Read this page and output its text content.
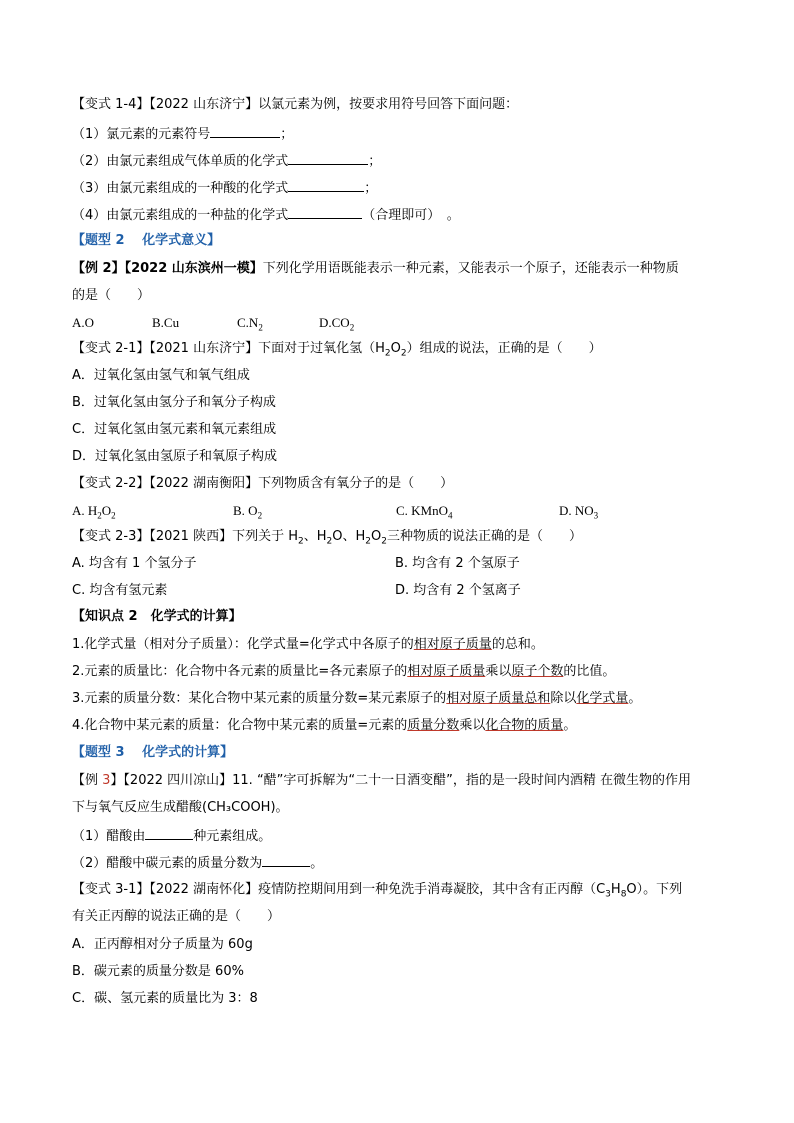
【变式 1-4】【2022 山东济宁】以氯元素为例，按要求用符号回答下面问题：
（1）氯元素的元素符号	；
（2）由氯元素组成气体单质的化学式	；
（3）由氯元素组成的一种酸的化学式	；
（4）由氯元素组成的一种盐的化学式	（合理即可）　。
【题型 2　 化学式意义】
【例 2】【2022 山东滨州一模】下列化学用语既能表示一种元素，又能表示一个原子，还能表示一种物质
的是（　　）
A.O	B.Cu	$C.N_2$	$D.CO_2$
【变式 2-1】【2021 山东济宁】下面对于过氧化氢$(H_2O_2)$组成的说法，正确的是（　　）
A．过氧化氢由氢气和氧气组成
B．过氧化氢由氢分子和氧分子构成
C．过氧化氢由氢元素和氧元素组成
D．过氧化氢由氢原子和氧原子构成
【变式 2-2】【2022 湖南衡阳】下列物质含有氧分子的是（　　）
A. $H_2O_2$	B. $O_2$	C. KMnO$_4$	D. $NO_3$
【变式 2-3】【2021 陕西】下列关于 $H_2$、$H_2O$、$H_2O_2$三种物质的说法正确的是（　　）
A. 均含有 1 个氢分子	B. 均含有 2 个氢原子
C. 均含有氢元素	D. 均含有 2 个氢离子
【知识点 2　化学式的计算】
1.化学式量（相对分子质量）：化学式量=化学式中各原子的相对原子质量的总和。
2.元素的质量比：化合物中各元素的质量比=各元素原子的相对原子质量乘以原子个数的比值。
3.元素的质量分数：某化合物中某元素的质量分数=某元素原子的相对原子质量总和除以化学式量。
4.化合物中某元素的质量：化合物中某元素的质量=元素的质量分数乘以化合物的质量。
【题型 3　 化学式的计算】
【例 3】【2022 四川凉山】11. “醋”字可拆解为“二十一日酒变醋”，指的是一段时间内酒精 在微生物的作用
下与氧气反应生成醋酸(CH₃COOH)。
（1）醋酸由	种元素组成。
（2）醋酸中碳元素的质量分数为	。
【变式 3-1】【2022 湖南怀化】疫情防控期间用到一种免洗手消毒凝胶，其中含有正丙醇$(C_3H_8O)$。下列
有关正丙醇的说法正确的是（　　）
A．正丙醇相对分子质量为 60g
B．碳元素的质量分数是 60%
C．碳、氢元素的质量比为 3：8
